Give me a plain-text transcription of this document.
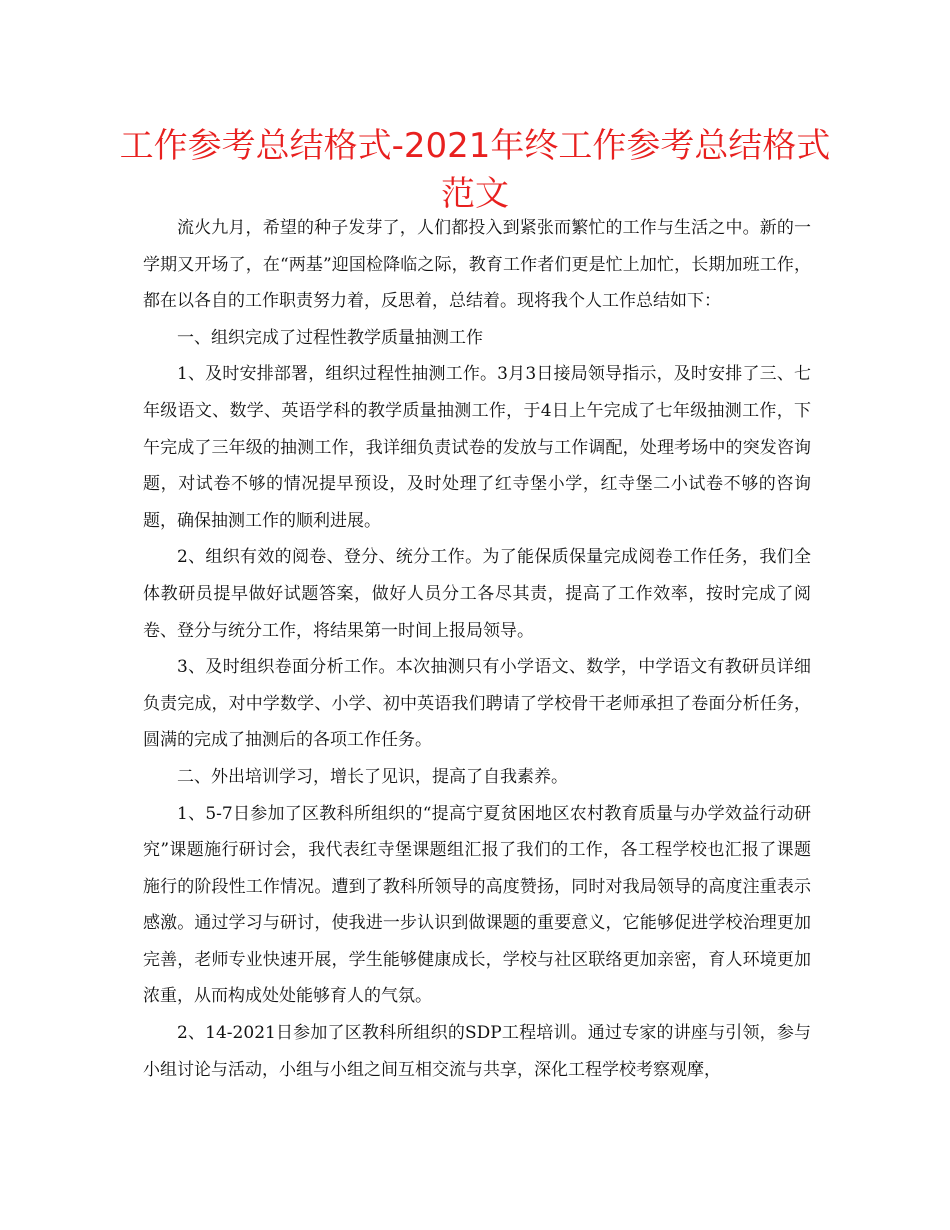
工作参考总结格式-2021年终工作参考总结格式
范文

流火九月，希望的种子发芽了，人们都投入到紧张而繁忙的工作与生活之中。新的一学期又开场了，在“两基”迎国检降临之际，教育工作者们更是忙上加忙，长期加班工作，都在以各自的工作职责努力着，反思着，总结着。现将我个人工作总结如下：

一、组织完成了过程性教学质量抽测工作

1、及时安排部署，组织过程性抽测工作。3月3日接局领导指示，及时安排了三、七年级语文、数学、英语学科的教学质量抽测工作，于4日上午完成了七年级抽测工作，下午完成了三年级的抽测工作，我详细负责试卷的发放与工作调配，处理考场中的突发咨询题，对试卷不够的情况提早预设，及时处理了红寺堡小学，红寺堡二小试卷不够的咨询题，确保抽测工作的顺利进展。

2、组织有效的阅卷、登分、统分工作。为了能保质保量完成阅卷工作任务，我们全体教研员提早做好试题答案，做好人员分工各尽其责，提高了工作效率，按时完成了阅卷、登分与统分工作，将结果第一时间上报局领导。

3、及时组织卷面分析工作。本次抽测只有小学语文、数学，中学语文有教研员详细负责完成，对中学数学、小学、初中英语我们聘请了学校骨干老师承担了卷面分析任务，圆满的完成了抽测后的各项工作任务。

二、外出培训学习，增长了见识，提高了自我素养。

1、5-7日参加了区教科所组织的“提高宁夏贫困地区农村教育质量与办学效益行动研究”课题施行研讨会，我代表红寺堡课题组汇报了我们的工作，各工程学校也汇报了课题施行的阶段性工作情况。遭到了教科所领导的高度赞扬，同时对我局领导的高度注重表示感激。通过学习与研讨，使我进一步认识到做课题的重要意义，它能够促进学校治理更加完善，老师专业快速开展，学生能够健康成长，学校与社区联络更加亲密，育人环境更加浓重，从而构成处处能够育人的气氛。

2、14-2021日参加了区教科所组织的SDP工程培训。通过专家的讲座与引领，参与小组讨论与活动，小组与小组之间互相交流与共享，深化工程学校考察观摩，
